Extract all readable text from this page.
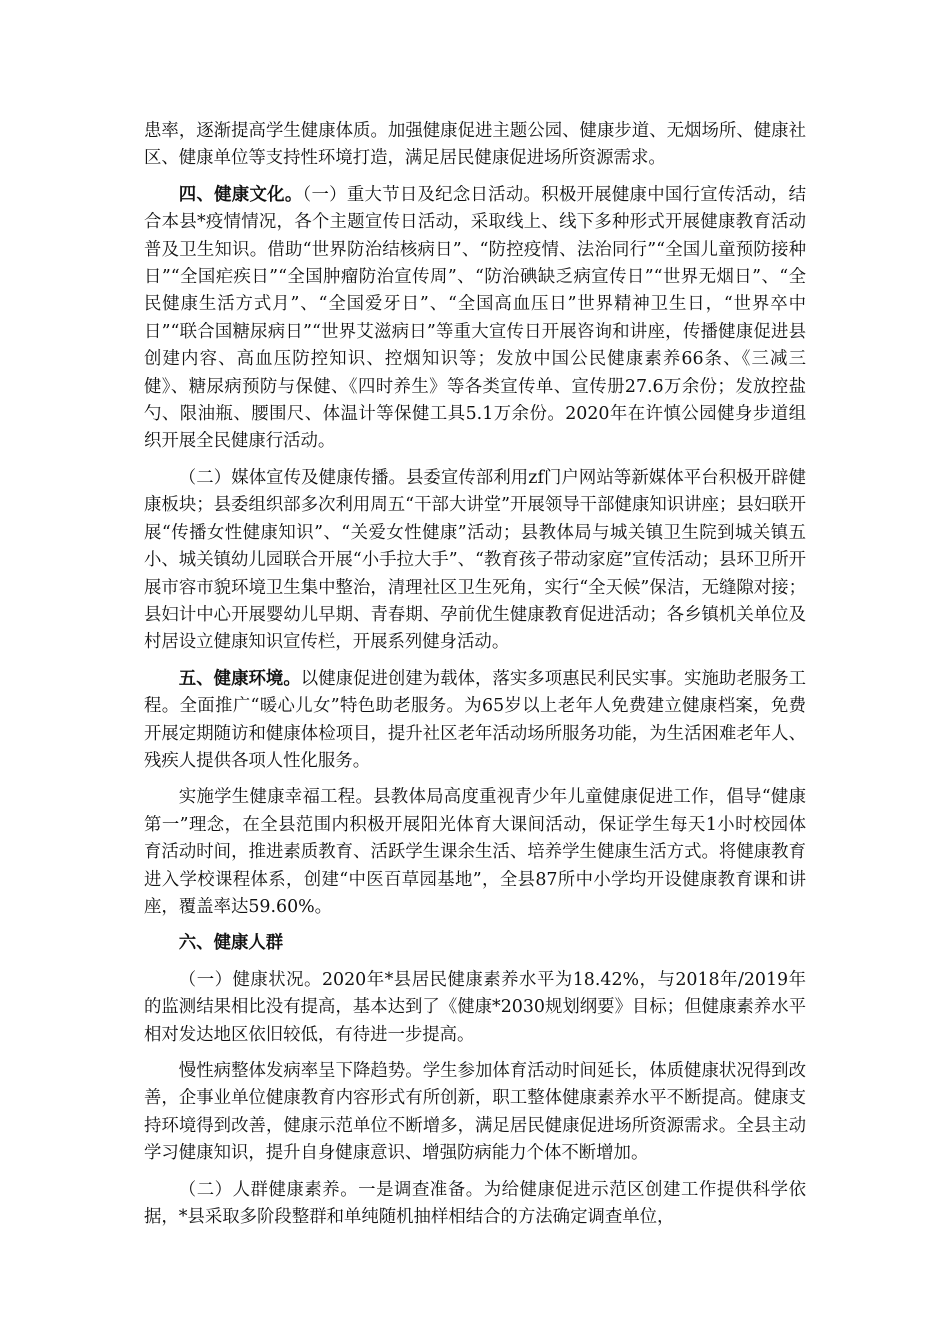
患率，逐渐提高学生健康体质。加强健康促进主题公园、健康步道、无烟场所、健康社区、健康单位等支持性环境打造，满足居民健康促进场所资源需求。

四、健康文化。（一）重大节日及纪念日活动。积极开展健康中国行宣传活动，结合本县*疫情情况，各个主题宣传日活动，采取线上、线下多种形式开展健康教育活动普及卫生知识。借助“世界防治结核病日”、“防控疫情、法治同行”“全国儿童预防接种日”“全国疟疾日”“全国肿瘤防治宣传周”、“防治碘缺乏病宣传日”“世界无烟日”、“全民健康生活方式月”、“全国爱牙日”、“全国高血压日”世界精神卫生日，“世界卒中日”“联合国糖尿病日”“世界艾滋病日”等重大宣传日开展咨询和讲座，传播健康促进县创建内容、高血压防控知识、控烟知识等；发放中国公民健康素养66条、《三减三健》、糖尿病预防与保健、《四时养生》等各类宣传单、宣传册27.6万余份；发放控盐勺、限油瓶、腰围尺、体温计等保健工具5.1万余份。2020年在许慎公园健身步道组织开展全民健康行活动。

（二）媒体宣传及健康传播。县委宣传部利用zf门户网站等新媒体平台积极开辟健康板块；县委组织部多次利用周五“干部大讲堂”开展领导干部健康知识讲座；县妇联开展“传播女性健康知识”、“关爱女性健康”活动；县教体局与城关镇卫生院到城关镇五小、城关镇幼儿园联合开展“小手拉大手”、“教育孩子带动家庭”宣传活动；县环卫所开展市容市貌环境卫生集中整治，清理社区卫生死角，实行“全天候”保洁，无缝隙对接；县妇计中心开展婴幼儿早期、青春期、孕前优生健康教育促进活动；各乡镇机关单位及村居设立健康知识宣传栏，开展系列健身活动。

五、健康环境。以健康促进创建为载体，落实多项惠民利民实事。实施助老服务工程。全面推广“暖心儿女”特色助老服务。为65岁以上老年人免费建立健康档案，免费开展定期随访和健康体检项目，提升社区老年活动场所服务功能，为生活困难老年人、残疾人提供各项人性化服务。

实施学生健康幸福工程。县教体局高度重视青少年儿童健康促进工作，倡导“健康第一”理念，在全县范围内积极开展阳光体育大课间活动，保证学生每天1小时校园体育活动时间，推进素质教育、活跃学生课余生活、培养学生健康生活方式。将健康教育进入学校课程体系，创建“中医百草园基地”，全县87所中小学均开设健康教育课和讲座，覆盖率达59.60%。

六、健康人群

（一）健康状况。2020年*县居民健康素养水平为18.42%，与2018年/2019年的监测结果相比没有提高，基本达到了《健康*2030规划纲要》目标；但健康素养水平相对发达地区依旧较低，有待进一步提高。

慢性病整体发病率呈下降趋势。学生参加体育活动时间延长，体质健康状况得到改善，企事业单位健康教育内容形式有所创新，职工整体健康素养水平不断提高。健康支持环境得到改善，健康示范单位不断增多，满足居民健康促进场所资源需求。全县主动学习健康知识，提升自身健康意识、增强防病能力个体不断增加。

（二）人群健康素养。一是调查准备。为给健康促进示范区创建工作提供科学依据，*县采取多阶段整群和单纯随机抽样相结合的方法确定调查单位，
